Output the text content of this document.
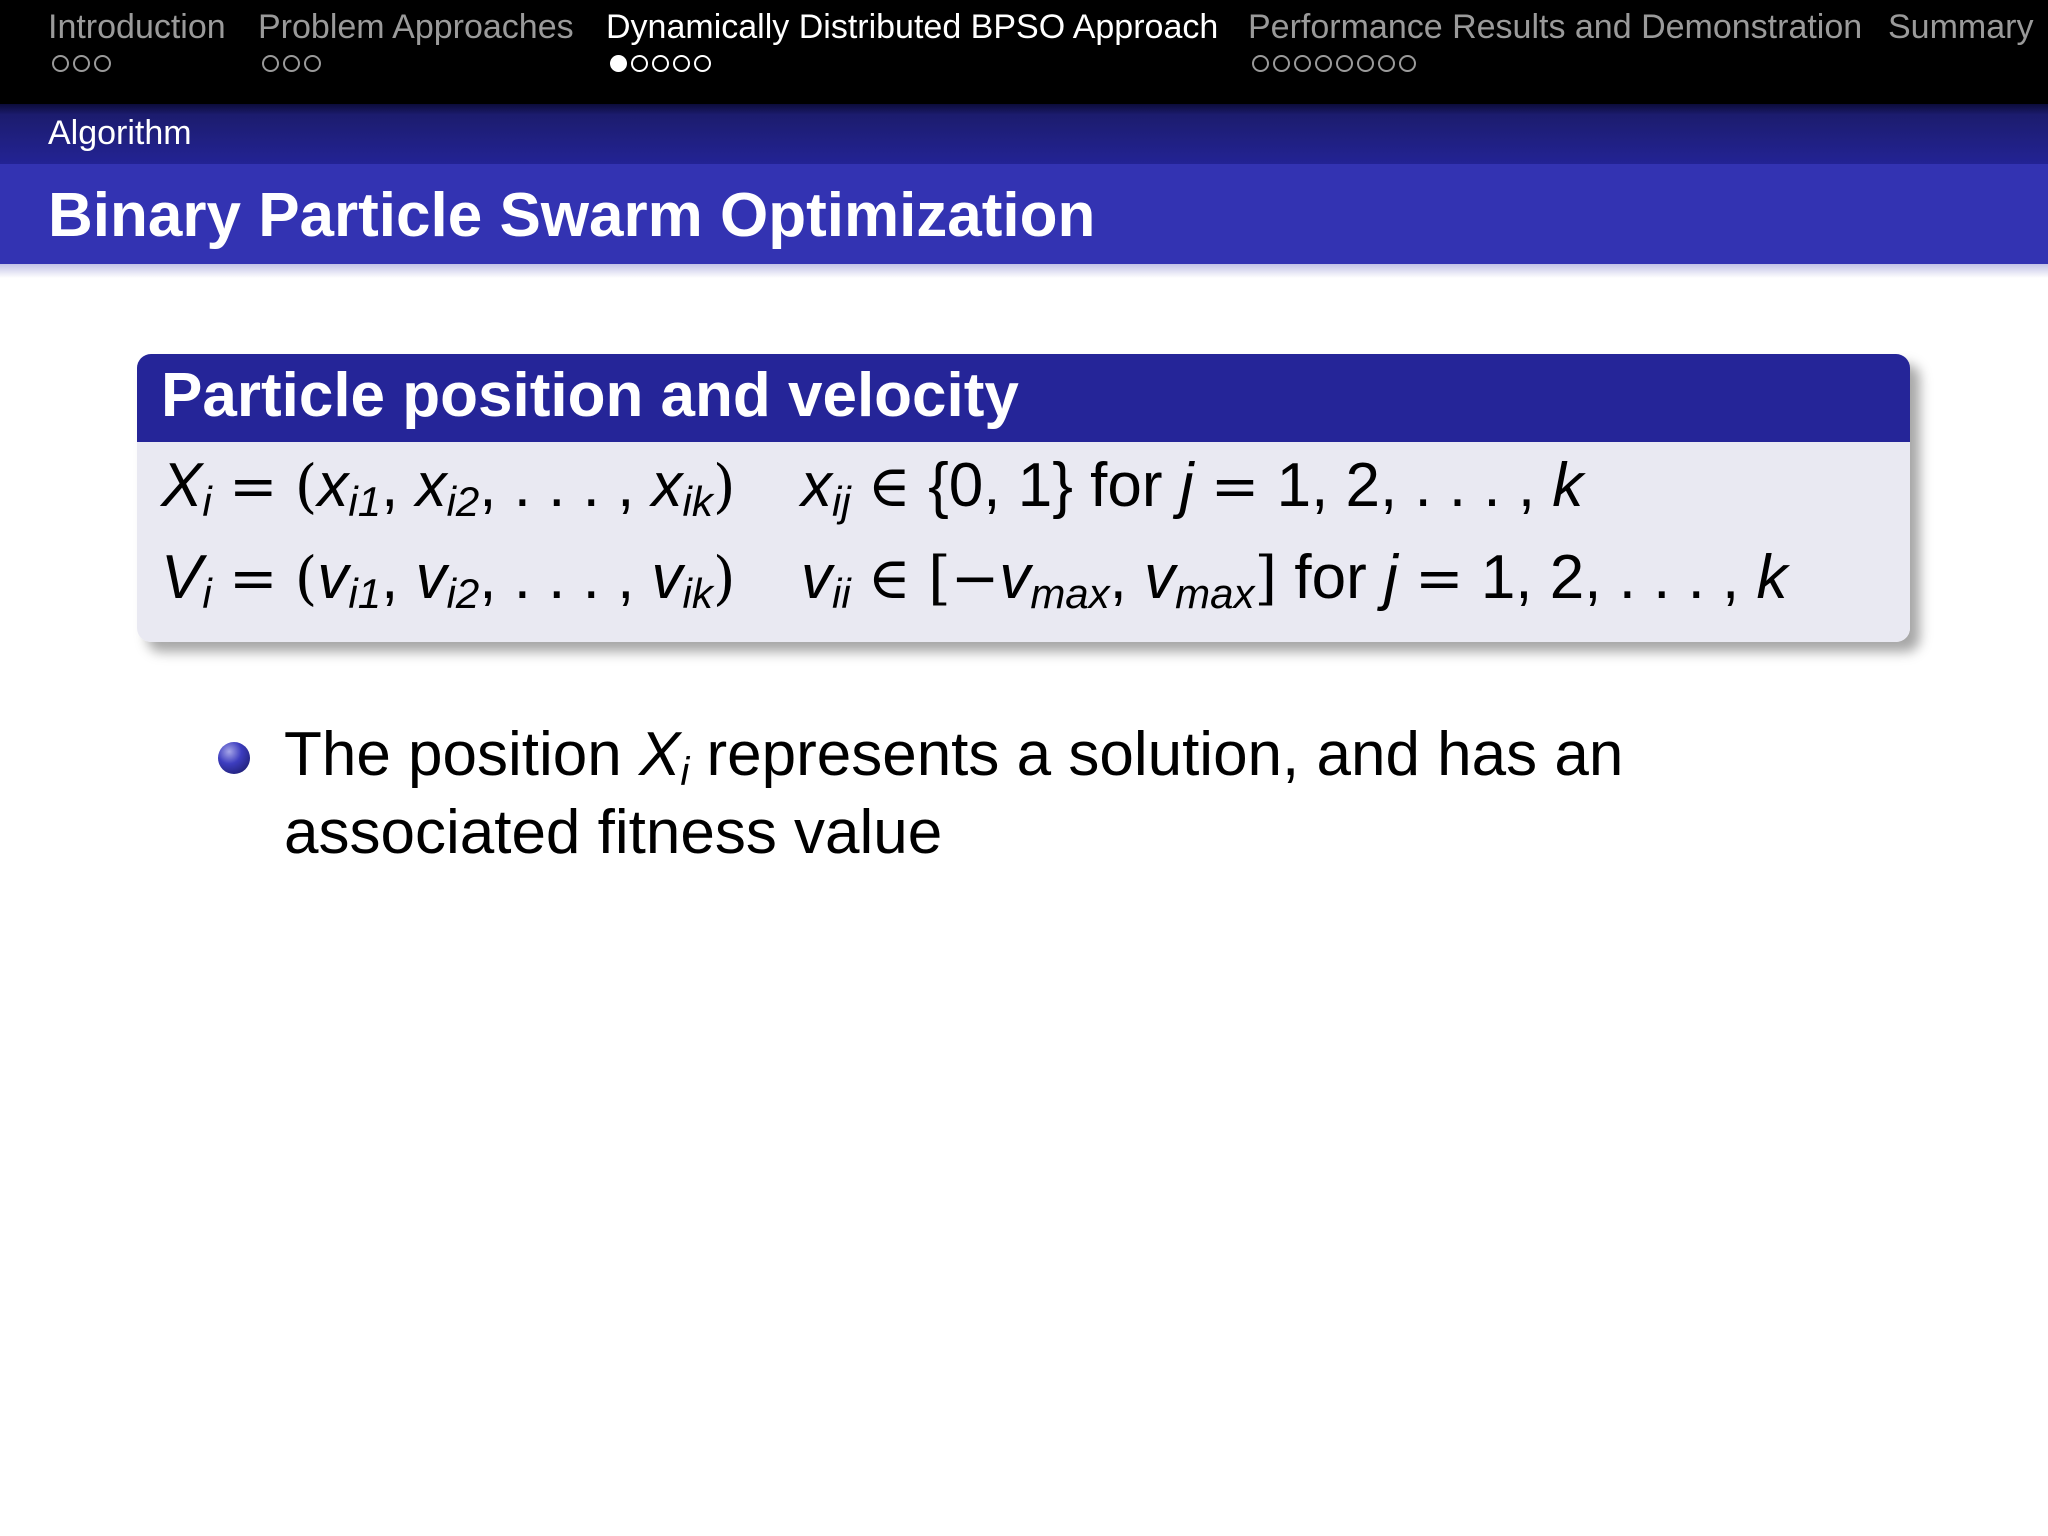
Introduction Problem Approaches Dynamically Distributed BPSO Approach Performance Results and Demonstration Summary
Algorithm
Binary Particle Swarm Optimization
Particle position and velocity
$X_i = (x_{i1}$, $x_{i2}$, . . . , $x_{ik}$) $x_{ij}$ ∈ {0, 1} for j = 1, 2, . . . , k
$V_i = (v_{i1}$, $v_{i2}$, . . . , $v_{ik}$) $v_{ii}$ ∈ [$-v_{max}$, $v_{max}$] for j = 1, 2, . . . , k
The position $X_i$ represents a solution, and has an associated fitness value
